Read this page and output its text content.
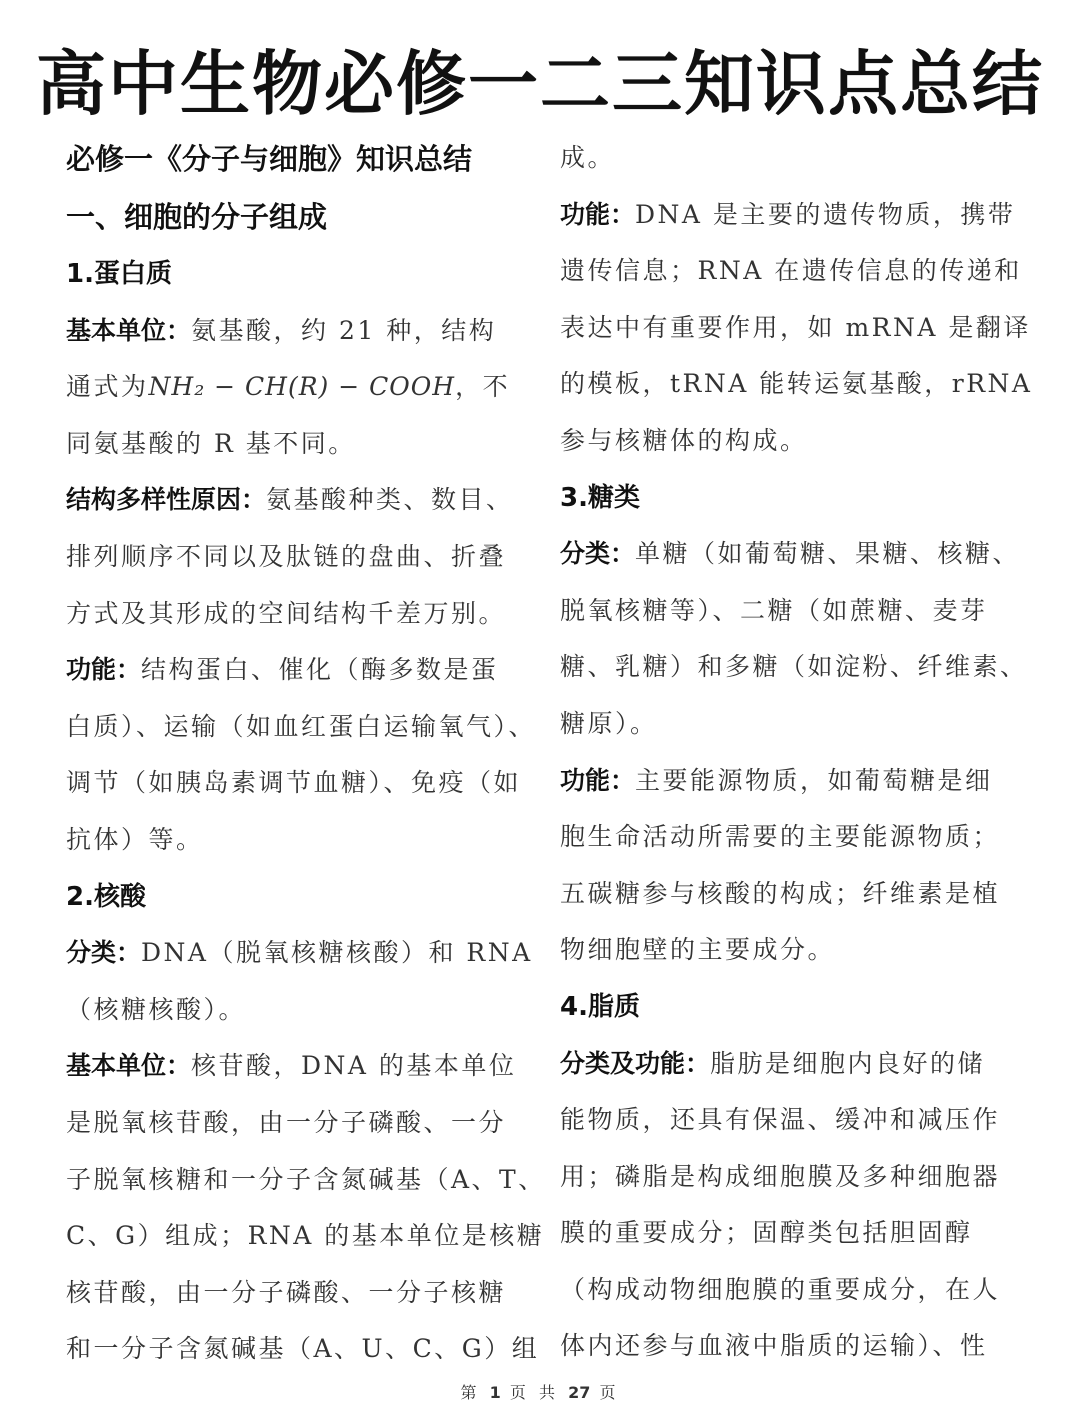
高中生物必修一二三知识点总结
必修一《分子与细胞》知识总结
一、细胞的分子组成
1.蛋白质
基本单位：氨基酸，约 21 种，结构
通式为NH₂ − CH(R) − COOH，不
同氨基酸的 R 基不同。
结构多样性原因：氨基酸种类、数目、
排列顺序不同以及肽链的盘曲、折叠
方式及其形成的空间结构千差万别。
功能：结构蛋白、催化（酶多数是蛋
白质）、运输（如血红蛋白运输氧气）、
调节（如胰岛素调节血糖）、免疫（如
抗体）等。
2.核酸
分类：DNA（脱氧核糖核酸）和 RNA
（核糖核酸）。
基本单位：核苷酸，DNA 的基本单位
是脱氧核苷酸，由一分子磷酸、一分
子脱氧核糖和一分子含氮碱基（A、T、
C、G）组成；RNA 的基本单位是核糖
核苷酸，由一分子磷酸、一分子核糖
和一分子含氮碱基（A、U、C、G）组
成。
功能：DNA 是主要的遗传物质，携带
遗传信息；RNA 在遗传信息的传递和
表达中有重要作用，如 mRNA 是翻译
的模板，tRNA 能转运氨基酸，rRNA
参与核糖体的构成。
3.糖类
分类：单糖（如葡萄糖、果糖、核糖、
脱氧核糖等）、二糖（如蔗糖、麦芽
糖、乳糖）和多糖（如淀粉、纤维素、
糖原）。
功能：主要能源物质，如葡萄糖是细
胞生命活动所需要的主要能源物质；
五碳糖参与核酸的构成；纤维素是植
物细胞壁的主要成分。
4.脂质
分类及功能：脂肪是细胞内良好的储
能物质，还具有保温、缓冲和减压作
用；磷脂是构成细胞膜及多种细胞器
膜的重要成分；固醇类包括胆固醇
（构成动物细胞膜的重要成分，在人
体内还参与血液中脂质的运输）、性
第 1 页 共 27 页
